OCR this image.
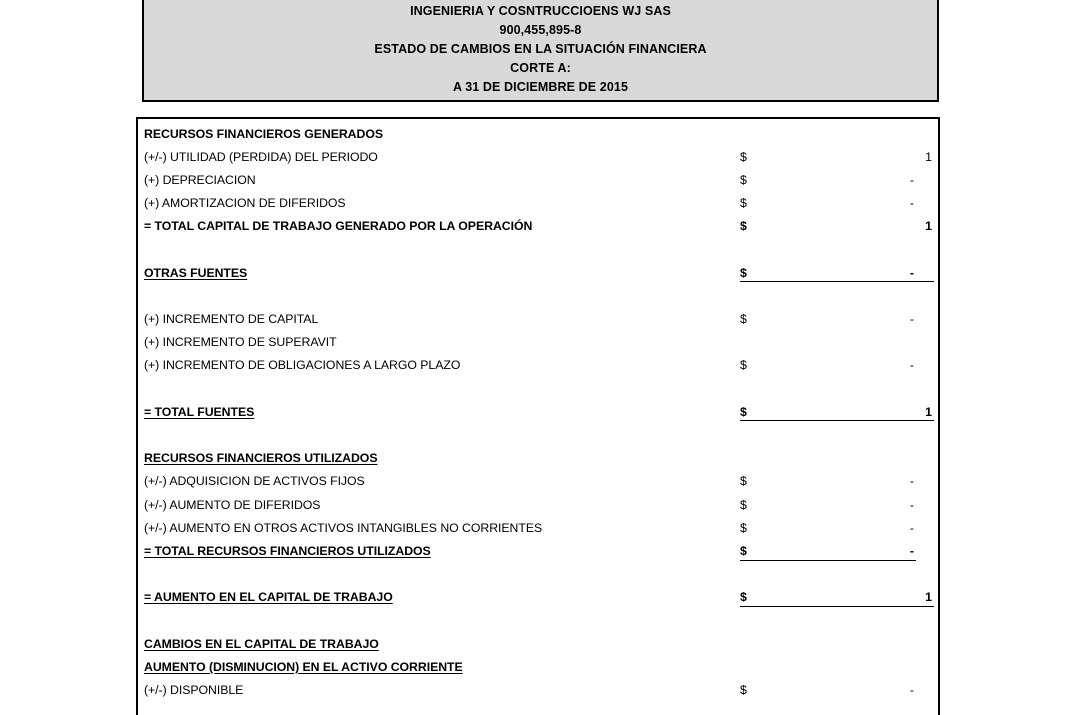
INGENIERIA Y COSNTRUCCIOENS WJ SAS
900,455,895-8
ESTADO DE CAMBIOS EN LA SITUACIÓN FINANCIERA
CORTE A:
A 31 DE DICIEMBRE DE 2015
RECURSOS FINANCIEROS GENERADOS
(+/-) UTILIDAD (PERDIDA) DEL PERIODO	$	1
(+) DEPRECIACION	$	-
(+) AMORTIZACION DE DIFERIDOS	$	-
= TOTAL CAPITAL DE TRABAJO GENERADO POR LA OPERACIÓN	$	1
OTRAS FUENTES	$	-
(+) INCREMENTO DE CAPITAL	$	-
(+) INCREMENTO DE SUPERAVIT
(+) INCREMENTO DE OBLIGACIONES A LARGO PLAZO	$	-
= TOTAL FUENTES	$	1
RECURSOS FINANCIEROS UTILIZADOS
(+/-) ADQUISICION DE ACTIVOS FIJOS	$	-
(+/-) AUMENTO DE DIFERIDOS	$	-
(+/-) AUMENTO EN OTROS ACTIVOS INTANGIBLES NO CORRIENTES	$	-
= TOTAL RECURSOS FINANCIEROS UTILIZADOS	$	-
= AUMENTO EN EL CAPITAL DE TRABAJO	$	1
CAMBIOS EN EL CAPITAL DE TRABAJO
AUMENTO (DISMINUCION) EN EL ACTIVO CORRIENTE
(+/-) DISPONIBLE	$	-
